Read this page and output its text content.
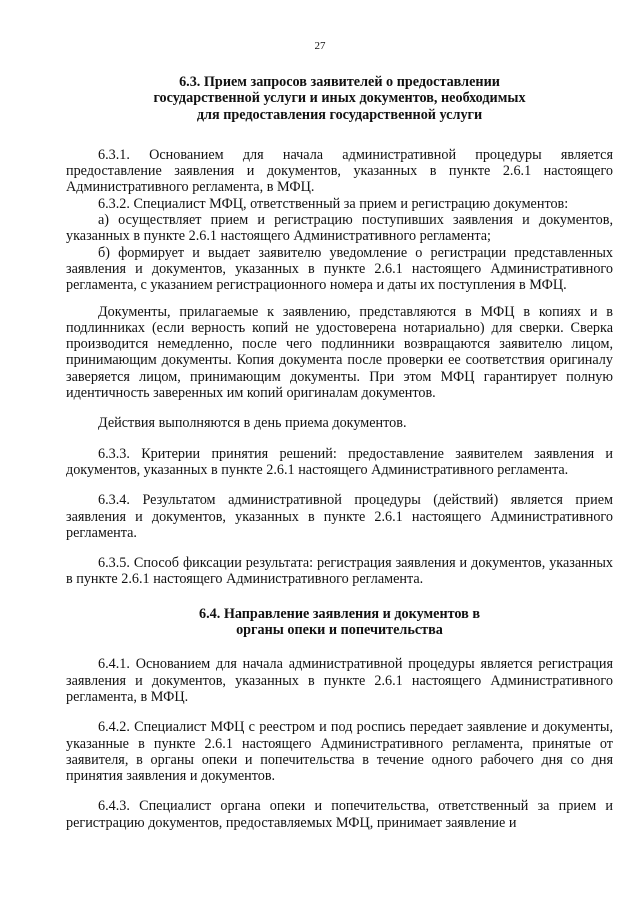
27
6.3. Прием запросов заявителей о предоставлении
государственной услуги и иных документов, необходимых
для предоставления государственной услуги

6.3.1. Основанием для начала административной процедуры является предоставление заявления и документов, указанных в пункте 2.6.1 настоящего Административного регламента, в МФЦ.

6.3.2. Специалист МФЦ, ответственный за прием и регистрацию документов:

а) осуществляет прием и регистрацию поступивших заявления и документов, указанных в пункте 2.6.1 настоящего Административного регламента;

б) формирует и выдает заявителю уведомление о регистрации представленных заявления и документов, указанных в пункте 2.6.1 настоящего Административного регламента, с указанием регистрационного номера и даты их поступления в МФЦ.

Документы, прилагаемые к заявлению, представляются в МФЦ в копиях и в подлинниках (если верность копий не удостоверена нотариально) для сверки. Сверка производится немедленно, после чего подлинники возвращаются заявителю лицом, принимающим документы. Копия документа после проверки ее соответствия оригиналу заверяется лицом, принимающим документы. При этом МФЦ гарантирует полную идентичность заверенных им копий оригиналам документов.

Действия выполняются в день приема документов.

6.3.3. Критерии принятия решений: предоставление заявителем заявления и документов, указанных в пункте 2.6.1 настоящего Административного регламента.

6.3.4. Результатом административной процедуры (действий) является прием заявления и документов, указанных в пункте 2.6.1 настоящего Административного регламента.

6.3.5. Способ фиксации результата: регистрация заявления и документов, указанных в пункте 2.6.1 настоящего Административного регламента.

6.4. Направление заявления и документов в
органы опеки и попечительства

6.4.1. Основанием для начала административной процедуры является регистрация заявления и документов, указанных в пункте 2.6.1 настоящего Административного регламента, в МФЦ.

6.4.2. Специалист МФЦ с реестром и под роспись передает заявление и документы, указанные в пункте 2.6.1 настоящего Административного регламента, принятые от заявителя, в органы опеки и попечительства в течение одного рабочего дня со дня принятия заявления и документов.

6.4.3. Специалист органа опеки и попечительства, ответственный за прием и регистрацию документов, предоставляемых МФЦ, принимает заявление и
